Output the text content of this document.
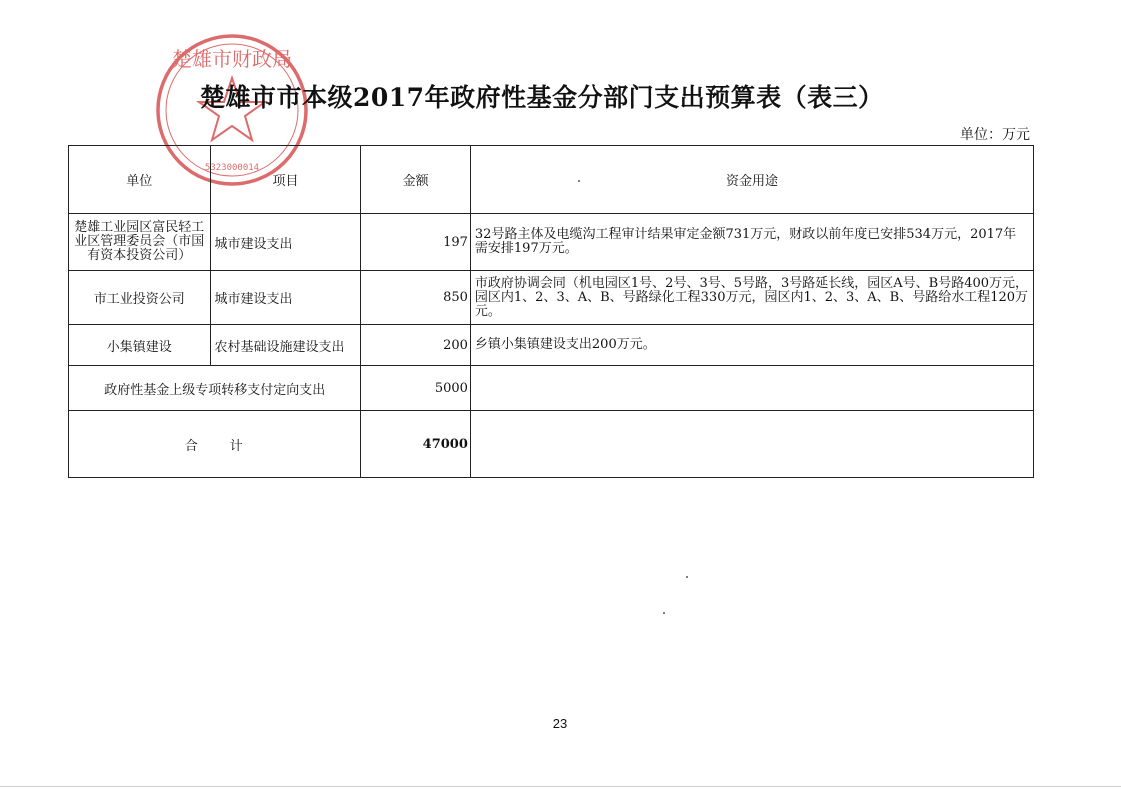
楚雄市财政局
5323000014
楚雄市市本级2017年政府性基金分部门支出预算表（表三）
单位：万元
单位	项目	金额	资金用途
楚雄工业园区富民轻工业区管理委员会（市国有资本投资公司）	城市建设支出	197	32号路主体及电缆沟工程审计结果审定金额731万元，财政以前年度已安排534万元，2017年需安排197万元。
市工业投资公司	城市建设支出	850	市政府协调会同（机电园区1号、2号、3号、5号路，3号路延长线，园区A号、B号路400万元，园区内1、2、3、A、B、号路绿化工程330万元，园区内1、2、3、A、B、号路给水工程120万元。
小集镇建设	农村基础设施建设支出	200	乡镇小集镇建设支出200万元。
政府性基金上级专项转移支付定向支出		5000	
合　　计		47000	
23
